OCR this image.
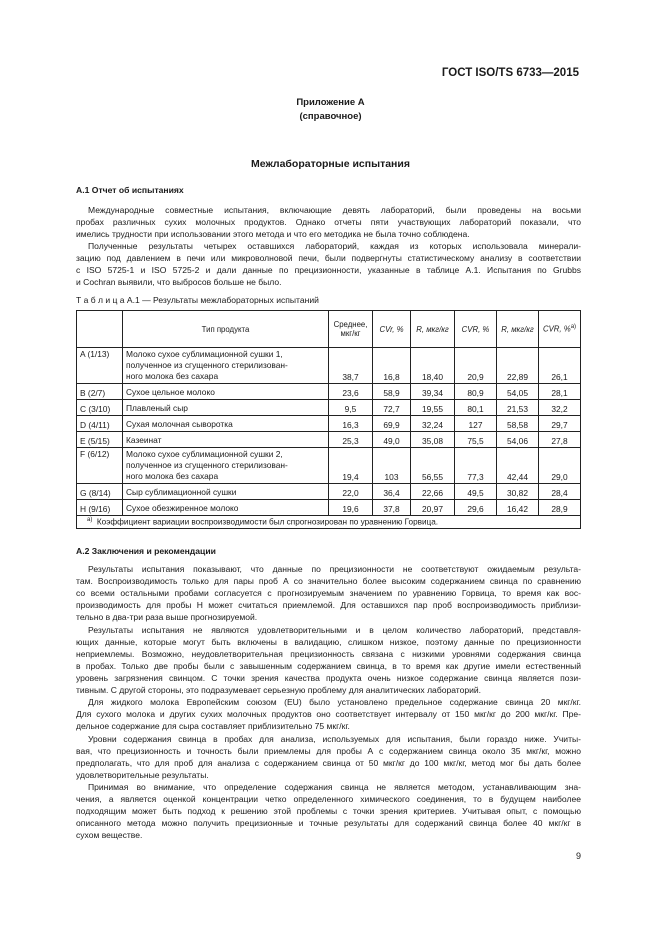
ГОСТ ISO/TS 6733—2015
Приложение А
(справочное)
Межлабораторные испытания
А.1 Отчет об испытаниях
Международные совместные испытания, включающие девять лабораторий, были проведены на восьми
пробах различных сухих молочных продуктов. Однако отчеты пяти участвующих лабораторий показали, что
имелись трудности при использовании этого метода и что его методика не была точно соблюдена.
Полученные результаты четырех оставшихся лабораторий, каждая из которых использовала минерали-
зацию под давлением в печи или микроволновой печи, были подвергнуты статистическому анализу в соответствии
с ISO 5725-1 и ISO 5725-2 и дали данные по прецизионности, указанные в таблице А.1. Испытания по Grubbs
и Cochran выявили, что выбросов больше не было.
Т а б л и ц а А.1 — Результаты межлабораторных испытаний
	Тип продукта	Среднее, мкг/кг	CVr, %	R, мкг/кг	CVR, %	R, мкг/кг	CVR, %$^{a)}$
A (1/13)	Молоко сухое сублимационной сушки 1,
полученное из сгущенного стерилизован-
ного молока без сахара	38,7	16,8	18,40	20,9	22,89	26,1
B (2/7)	Сухое цельное молоко	23,6	58,9	39,34	80,9	54,05	28,1
C (3/10)	Плавленый сыр	9,5	72,7	19,55	80,1	21,53	32,2
D (4/11)	Сухая молочная сыворотка	16,3	69,9	32,24	127	58,58	29,7
E (5/15)	Казеинат	25,3	49,0	35,08	75,5	54,06	27,8
F (6/12)	Молоко сухое сублимационной сушки 2,
полученное из сгущенного стерилизован-
ного молока без сахара	19,4	103	56,55	77,3	42,44	29,0
G (8/14)	Сыр сублимационной сушки	22,0	36,4	22,66	49,5	30,82	28,4
H (9/16)	Сухое обезжиренное молоко	19,6	37,8	20,97	29,6	16,42	28,9
$^{a)}$ Коэффициент вариации воспроизводимости был спрогнозирован по уравнению Горвица.							
А.2 Заключения и рекомендации
Результаты испытания показывают, что данные по прецизионности не соответствуют ожидаемым результа-
там. Воспроизводимость только для пары проб А со значительно более высоким содержанием свинца по сравнению
со всеми остальными пробами согласуется с прогнозируемым значением по уравнению Горвица, то время как вос-
производимость для пробы Н может считаться приемлемой. Для оставшихся пар проб воспроизводимость приблизи-
тельно в два-три раза выше прогнозируемой.
Результаты испытания не являются удовлетворительными и в целом количество лабораторий, представля-
ющих данные, которые могут быть включены в валидацию, слишком низкое, поэтому данные по прецизионности
неприемлемы. Возможно, неудовлетворительная прецизионность связана с низкими уровнями содержания свинца
в пробах. Только две пробы были с завышенным содержанием свинца, в то время как другие имели естественный
уровень загрязнения свинцом. С точки зрения качества продукта очень низкое содержание свинца является пози-
тивным. С другой стороны, это подразумевает серьезную проблему для аналитических лабораторий.
Для жидкого молока Европейским союзом (EU) было установлено предельное содержание свинца 20 мкг/кг.
Для сухого молока и других сухих молочных продуктов оно соответствует интервалу от 150 мкг/кг до 200 мкг/кг. Пре-
дельное содержание для сыра составляет приблизительно 75 мкг/кг.
Уровни содержания свинца в пробах для анализа, используемых для испытания, были гораздо ниже. Учиты-
вая, что прецизионность и точность были приемлемы для пробы А с содержанием свинца около 35 мкг/кг, можно
предполагать, что для проб для анализа с содержанием свинца от 50 мкг/кг до 100 мкг/кг, метод мог бы дать более
удовлетворительные результаты.
Принимая во внимание, что определение содержания свинца не является методом, устанавливающим зна-
чения, а является оценкой концентрации четко определенного химического соединения, то в будущем наиболее
подходящим может быть подход к решению этой проблемы с точки зрения критериев. Учитывая опыт, с помощью
описанного метода можно получить прецизионные и точные результаты для содержаний свинца более 40 мкг/кг в
сухом веществе.
9
